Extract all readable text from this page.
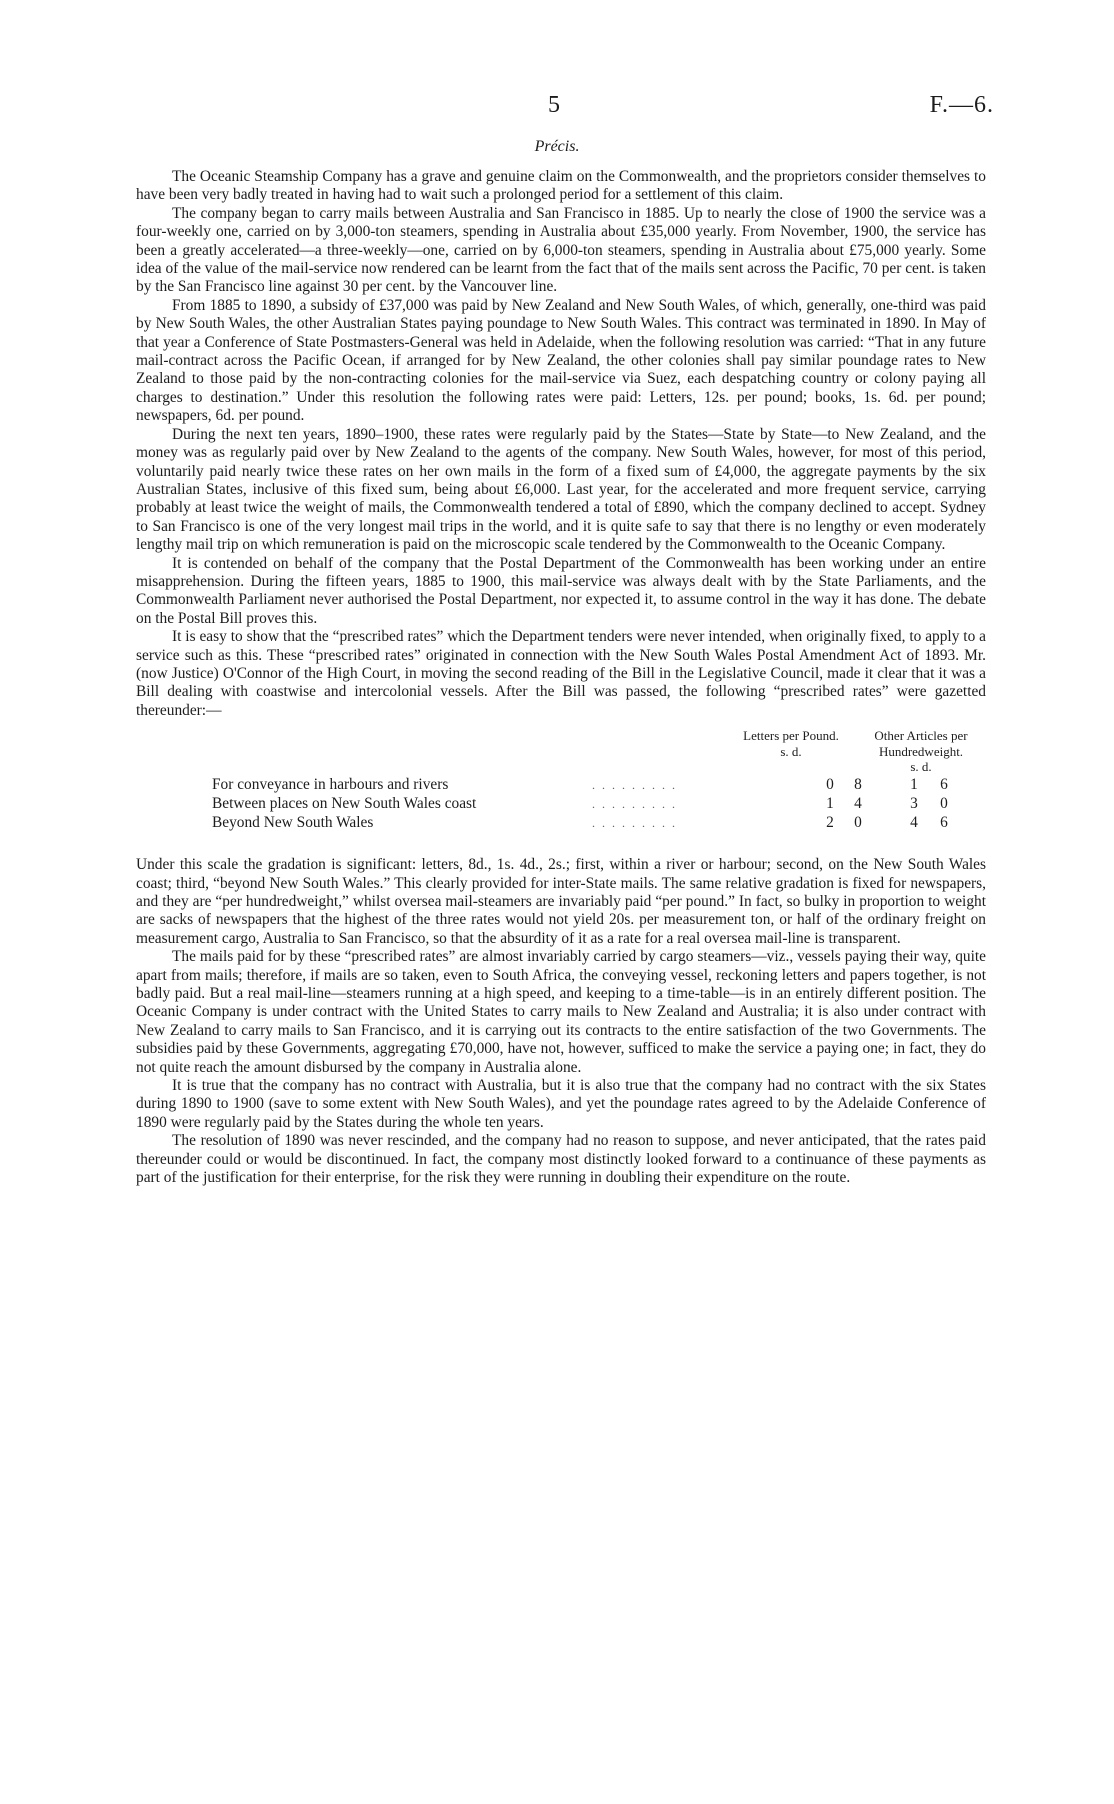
5	F.—6.
Précis.

The Oceanic Steamship Company has a grave and genuine claim on the Commonwealth, and the proprietors consider themselves to have been very badly treated in having had to wait such a prolonged period for a settlement of this claim.

The company began to carry mails between Australia and San Francisco in 1885. Up to nearly the close of 1900 the service was a four-weekly one, carried on by 3,000-ton steamers, spending in Australia about £35,000 yearly. From November, 1900, the service has been a greatly accelerated—a three-weekly—one, carried on by 6,000-ton steamers, spending in Australia about £75,000 yearly. Some idea of the value of the mail-service now rendered can be learnt from the fact that of the mails sent across the Pacific, 70 per cent. is taken by the San Francisco line against 30 per cent. by the Vancouver line.

From 1885 to 1890, a subsidy of £37,000 was paid by New Zealand and New South Wales, of which, generally, one-third was paid by New South Wales, the other Australian States paying poundage to New South Wales. This contract was terminated in 1890. In May of that year a Conference of State Postmasters-General was held in Adelaide, when the following resolution was carried: “That in any future mail-contract across the Pacific Ocean, if arranged for by New Zealand, the other colonies shall pay similar poundage rates to New Zealand to those paid by the non-contracting colonies for the mail-service via Suez, each despatching country or colony paying all charges to destination.” Under this resolution the following rates were paid: Letters, 12s. per pound; books, 1s. 6d. per pound; newspapers, 6d. per pound.

During the next ten years, 1890–1900, these rates were regularly paid by the States—State by State—to New Zealand, and the money was as regularly paid over by New Zealand to the agents of the company. New South Wales, however, for most of this period, voluntarily paid nearly twice these rates on her own mails in the form of a fixed sum of £4,000, the aggregate payments by the six Australian States, inclusive of this fixed sum, being about £6,000. Last year, for the accelerated and more frequent service, carrying probably at least twice the weight of mails, the Commonwealth tendered a total of £890, which the company declined to accept. Sydney to San Francisco is one of the very longest mail trips in the world, and it is quite safe to say that there is no lengthy or even moderately lengthy mail trip on which remuneration is paid on the microscopic scale tendered by the Commonwealth to the Oceanic Company.

It is contended on behalf of the company that the Postal Department of the Commonwealth has been working under an entire misapprehension. During the fifteen years, 1885 to 1900, this mail-service was always dealt with by the State Parliaments, and the Commonwealth Parliament never authorised the Postal Department, nor expected it, to assume control in the way it has done. The debate on the Postal Bill proves this.

It is easy to show that the “prescribed rates” which the Department tenders were never intended, when originally fixed, to apply to a service such as this. These “prescribed rates” originated in connection with the New South Wales Postal Amendment Act of 1893. Mr. (now Justice) O'Connor of the High Court, in moving the second reading of the Bill in the Legislative Council, made it clear that it was a Bill dealing with coastwise and intercolonial vessels. After the Bill was passed, the following “prescribed rates” were gazetted thereunder:—

Letters per Pound.
s. d.
Other Articles per Hundredweight.
s. d.
For conveyance in harbours and rivers	. . . . . . . . .	0	8	1	6
Between places on New South Wales coast	. . . . . . . . .	1	4	3	0
Beyond New South Wales	. . . . . . . . .	2	0	4	6

Under this scale the gradation is significant: letters, 8d., 1s. 4d., 2s.; first, within a river or harbour; second, on the New South Wales coast; third, “beyond New South Wales.” This clearly provided for inter-State mails. The same relative gradation is fixed for newspapers, and they are “per hundredweight,” whilst oversea mail-steamers are invariably paid “per pound.” In fact, so bulky in proportion to weight are sacks of newspapers that the highest of the three rates would not yield 20s. per measurement ton, or half of the ordinary freight on measurement cargo, Australia to San Francisco, so that the absurdity of it as a rate for a real oversea mail-line is transparent.

The mails paid for by these “prescribed rates” are almost invariably carried by cargo steamers—viz., vessels paying their way, quite apart from mails; therefore, if mails are so taken, even to South Africa, the conveying vessel, reckoning letters and papers together, is not badly paid. But a real mail-line—steamers running at a high speed, and keeping to a time-table—is in an entirely different position. The Oceanic Company is under contract with the United States to carry mails to New Zealand and Australia; it is also under contract with New Zealand to carry mails to San Francisco, and it is carrying out its contracts to the entire satisfaction of the two Governments. The subsidies paid by these Governments, aggregating £70,000, have not, however, sufficed to make the service a paying one; in fact, they do not quite reach the amount disbursed by the company in Australia alone.

It is true that the company has no contract with Australia, but it is also true that the company had no contract with the six States during 1890 to 1900 (save to some extent with New South Wales), and yet the poundage rates agreed to by the Adelaide Conference of 1890 were regularly paid by the States during the whole ten years.

The resolution of 1890 was never rescinded, and the company had no reason to suppose, and never anticipated, that the rates paid thereunder could or would be discontinued. In fact, the company most distinctly looked forward to a continuance of these payments as part of the justification for their enterprise, for the risk they were running in doubling their expenditure on the route.
